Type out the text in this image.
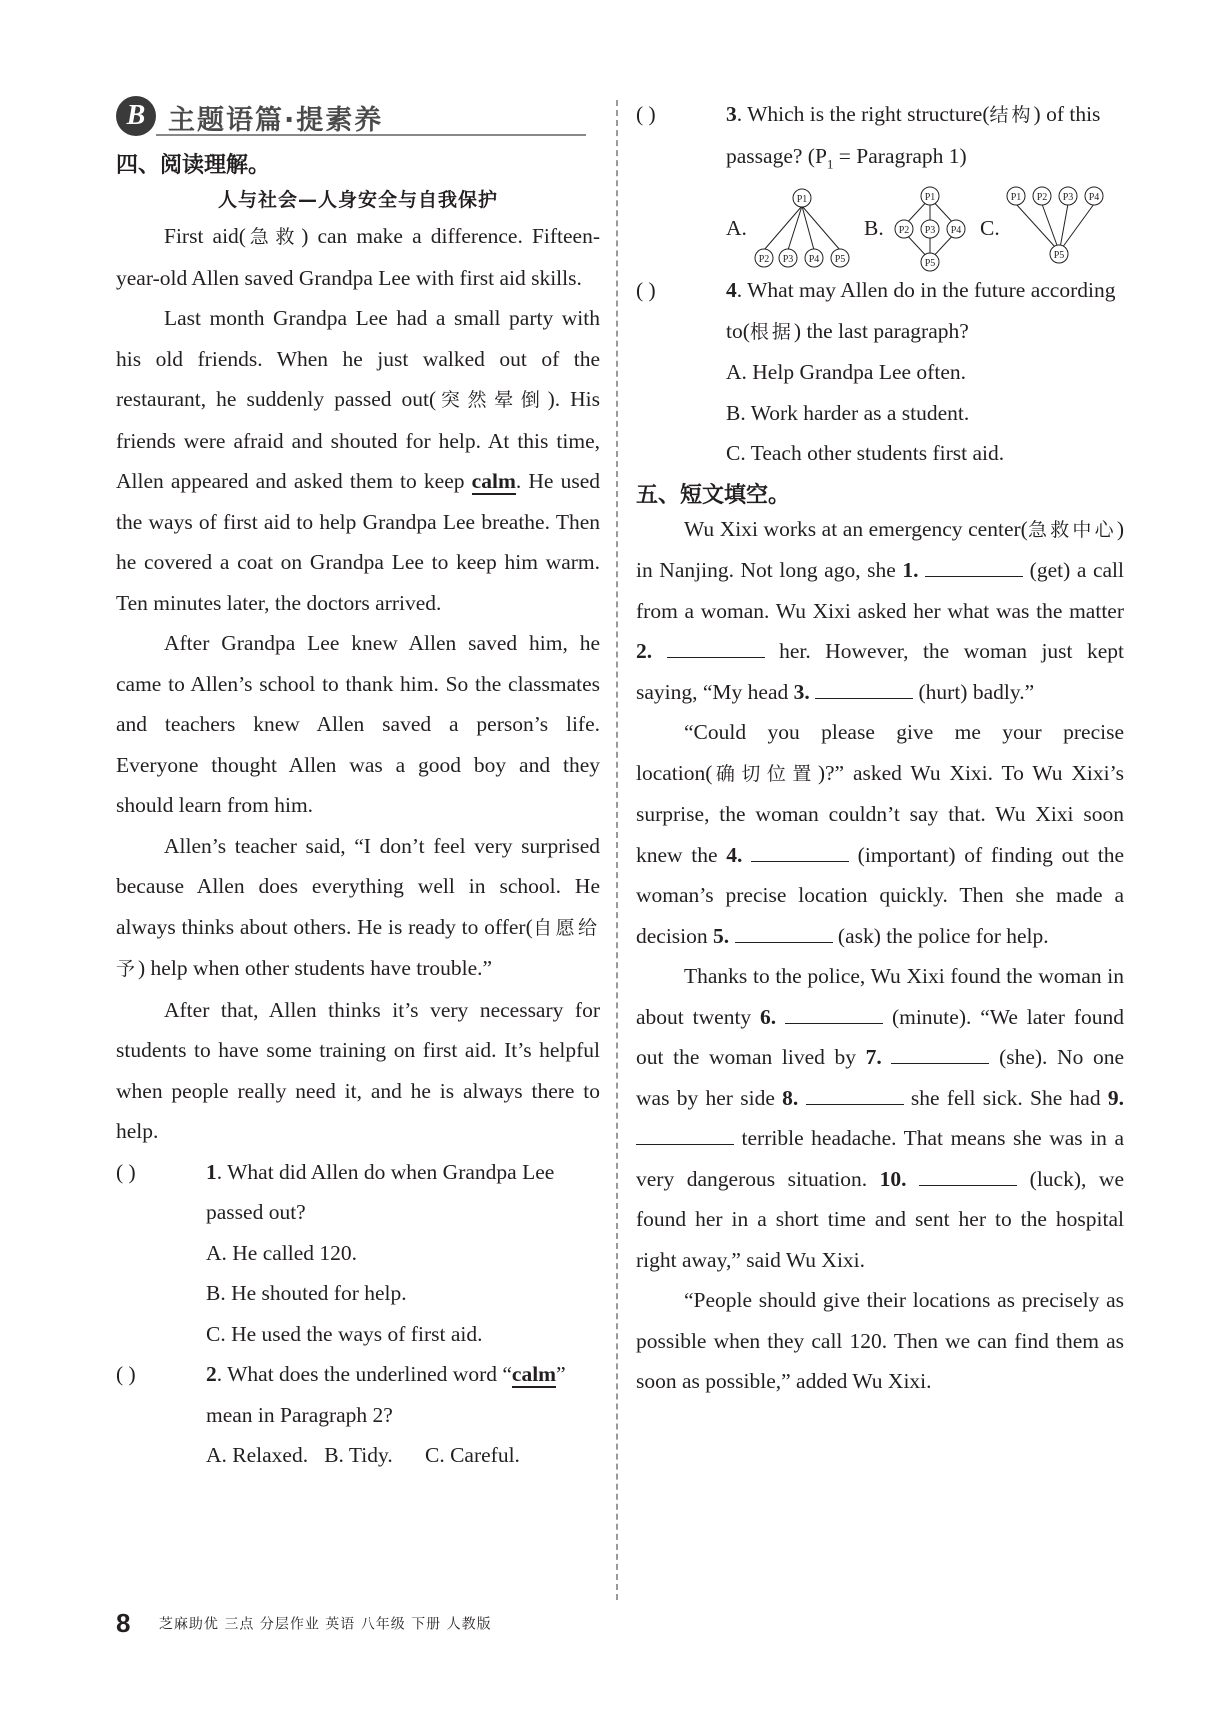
B 主题语篇·提素养

四、阅读理解。

人与社会—人身安全与自我保护

First aid(急救) can make a difference. Fifteen-year-old Allen saved Grandpa Lee with first aid skills.

Last month Grandpa Lee had a small party with his old friends. When he just walked out of the restaurant, he suddenly passed out(突然晕倒). His friends were afraid and shouted for help. At this time, Allen appeared and asked them to keep calm. He used the ways of first aid to help Grandpa Lee breathe. Then he covered a coat on Grandpa Lee to keep him warm. Ten minutes later, the doctors arrived.

After Grandpa Lee knew Allen saved him, he came to Allen’s school to thank him. So the classmates and teachers knew Allen saved a person’s life. Everyone thought Allen was a good boy and they should learn from him.

Allen’s teacher said, “I don’t feel very surprised because Allen does everything well in school. He always thinks about others. He is ready to offer(自愿给予) help when other students have trouble.”

After that, Allen thinks it’s very necessary for students to have some training on first aid. It’s helpful when people really need it, and he is always there to help.

( )	1. What did Allen do when Grandpa Lee passed out?
A. He called 120.
B. He shouted for help.
C. He used the ways of first aid.
( )	2. What does the underlined word “calm” mean in Paragraph 2?
A. Relaxed.   B. Tidy.      C. Careful.
( )	3. Which is the right structure(结构) of this passage? ($P_1$ = Paragraph 1)
A.
P1
P2 P3 P4 P5
B.
P1
P2 P3 P4
P5
C.
P1 P2 P3 P4
P5
( )	4. What may Allen do in the future according to(根据) the last paragraph?
A. Help Grandpa Lee often.
B. Work harder as a student.
C. Teach other students first aid.

五、短文填空。

Wu Xixi works at an emergency center(急救中心) in Nanjing. Not long ago, she 1.	(get) a call from a woman. Wu Xixi asked her what was the matter 2.	her. However, the woman just kept saying, “My head 3.	(hurt) badly.”

“Could you please give me your precise location(确切位置)?” asked Wu Xixi. To Wu Xixi’s surprise, the woman couldn’t say that. Wu Xixi soon knew the 4.	(important) of finding out the woman’s precise location quickly. Then she made a decision 5.	(ask) the police for help.

Thanks to the police, Wu Xixi found the woman in about twenty 6.	(minute). “We later found out the woman lived by 7.	(she). No one was by her side 8.	she fell sick. She had 9.  terrible headache. That means she was in a very dangerous situation. 10.	(luck), we found her in a short time and sent her to the hospital right away,” said Wu Xixi.

“People should give their locations as precisely as possible when they call 120. Then we can find them as soon as possible,” added Wu Xixi.

8 芝麻助优 三点 分层作业 英语 八年级 下册 人教版
